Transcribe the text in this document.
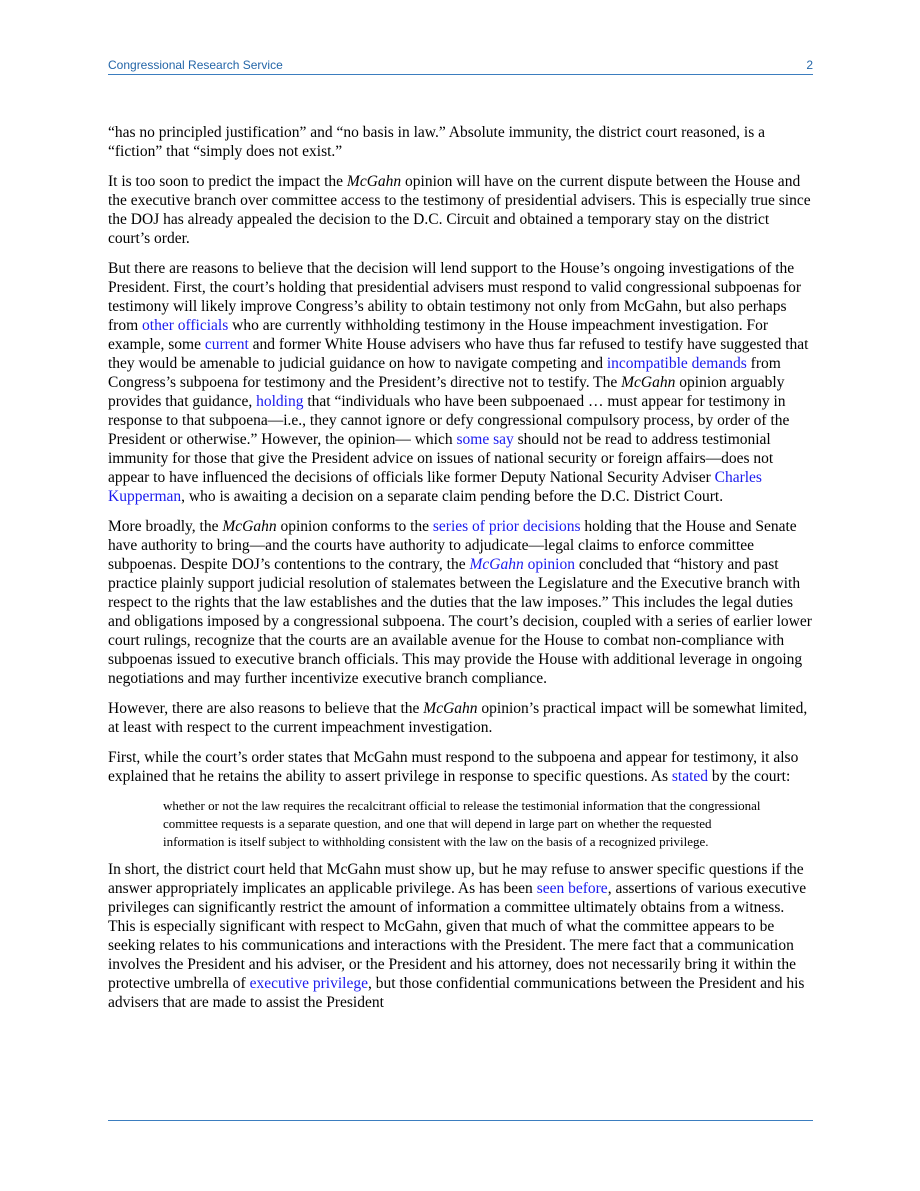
Congressional Research Service	2

“has no principled justification” and “no basis in law.” Absolute immunity, the district court reasoned, is a “fiction” that “simply does not exist.”

It is too soon to predict the impact the McGahn opinion will have on the current dispute between the House and the executive branch over committee access to the testimony of presidential advisers. This is especially true since the DOJ has already appealed the decision to the D.C. Circuit and obtained a temporary stay on the district court’s order.

But there are reasons to believe that the decision will lend support to the House’s ongoing investigations of the President. First, the court’s holding that presidential advisers must respond to valid congressional subpoenas for testimony will likely improve Congress’s ability to obtain testimony not only from McGahn, but also perhaps from other officials who are currently withholding testimony in the House impeachment investigation. For example, some current and former White House advisers who have thus far refused to testify have suggested that they would be amenable to judicial guidance on how to navigate competing and incompatible demands from Congress’s subpoena for testimony and the President’s directive not to testify. The McGahn opinion arguably provides that guidance, holding that “individuals who have been subpoenaed … must appear for testimony in response to that subpoena—i.e., they cannot ignore or defy congressional compulsory process, by order of the President or otherwise.” However, the opinion— which some say should not be read to address testimonial immunity for those that give the President advice on issues of national security or foreign affairs—does not appear to have influenced the decisions of officials like former Deputy National Security Adviser Charles Kupperman, who is awaiting a decision on a separate claim pending before the D.C. District Court.

More broadly, the McGahn opinion conforms to the series of prior decisions holding that the House and Senate have authority to bring—and the courts have authority to adjudicate—legal claims to enforce committee subpoenas. Despite DOJ’s contentions to the contrary, the McGahn opinion concluded that “history and past practice plainly support judicial resolution of stalemates between the Legislature and the Executive branch with respect to the rights that the law establishes and the duties that the law imposes.” This includes the legal duties and obligations imposed by a congressional subpoena. The court’s decision, coupled with a series of earlier lower court rulings, recognize that the courts are an available avenue for the House to combat non-compliance with subpoenas issued to executive branch officials. This may provide the House with additional leverage in ongoing negotiations and may further incentivize executive branch compliance.

However, there are also reasons to believe that the McGahn opinion’s practical impact will be somewhat limited, at least with respect to the current impeachment investigation.

First, while the court’s order states that McGahn must respond to the subpoena and appear for testimony, it also explained that he retains the ability to assert privilege in response to specific questions. As stated by the court:

whether or not the law requires the recalcitrant official to release the testimonial information that the congressional committee requests is a separate question, and one that will depend in large part on whether the requested information is itself subject to withholding consistent with the law on the basis of a recognized privilege.

In short, the district court held that McGahn must show up, but he may refuse to answer specific questions if the answer appropriately implicates an applicable privilege. As has been seen before, assertions of various executive privileges can significantly restrict the amount of information a committee ultimately obtains from a witness. This is especially significant with respect to McGahn, given that much of what the committee appears to be seeking relates to his communications and interactions with the President. The mere fact that a communication involves the President and his adviser, or the President and his attorney, does not necessarily bring it within the protective umbrella of executive privilege, but those confidential communications between the President and his advisers that are made to assist the President
